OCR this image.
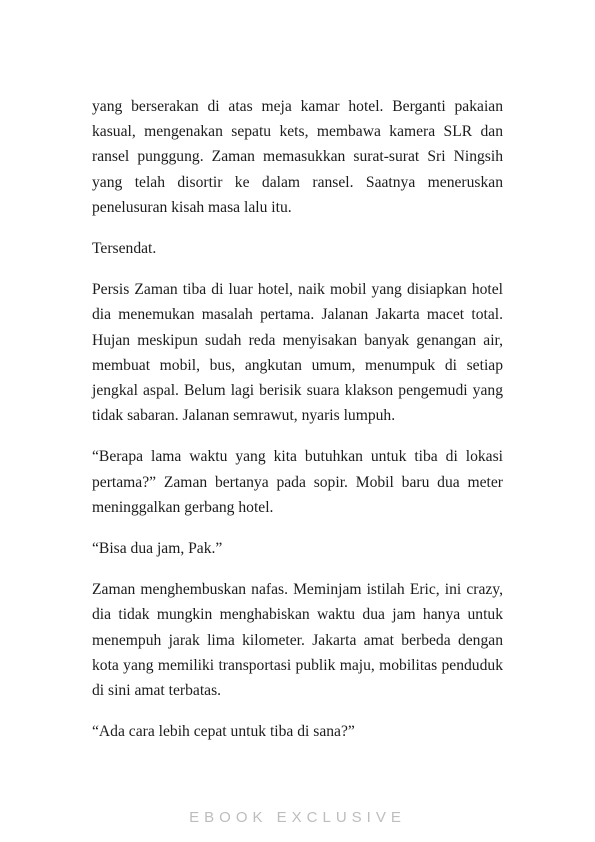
yang berserakan di atas meja kamar hotel. Berganti pakaian kasual, mengenakan sepatu kets, membawa kamera SLR dan ransel punggung. Zaman memasukkan surat-surat Sri Ningsih yang telah disortir ke dalam ransel. Saatnya meneruskan penelusuran kisah masa lalu itu.

Tersendat.

Persis Zaman tiba di luar hotel, naik mobil yang disiapkan hotel dia menemukan masalah pertama. Jalanan Jakarta macet total. Hujan meskipun sudah reda menyisakan banyak genangan air, membuat mobil, bus, angkutan umum, menumpuk di setiap jengkal aspal. Belum lagi berisik suara klakson pengemudi yang tidak sabaran. Jalanan semrawut, nyaris lumpuh.

“Berapa lama waktu yang kita butuhkan untuk tiba di lokasi pertama?” Zaman bertanya pada sopir. Mobil baru dua meter meninggalkan gerbang hotel.

“Bisa dua jam, Pak.”

Zaman menghembuskan nafas. Meminjam istilah Eric, ini crazy, dia tidak mungkin menghabiskan waktu dua jam hanya untuk menempuh jarak lima kilometer. Jakarta amat berbeda dengan kota yang memiliki transportasi publik maju, mobilitas penduduk di sini amat terbatas.

“Ada cara lebih cepat untuk tiba di sana?”

EBOOK EXCLUSIVE
